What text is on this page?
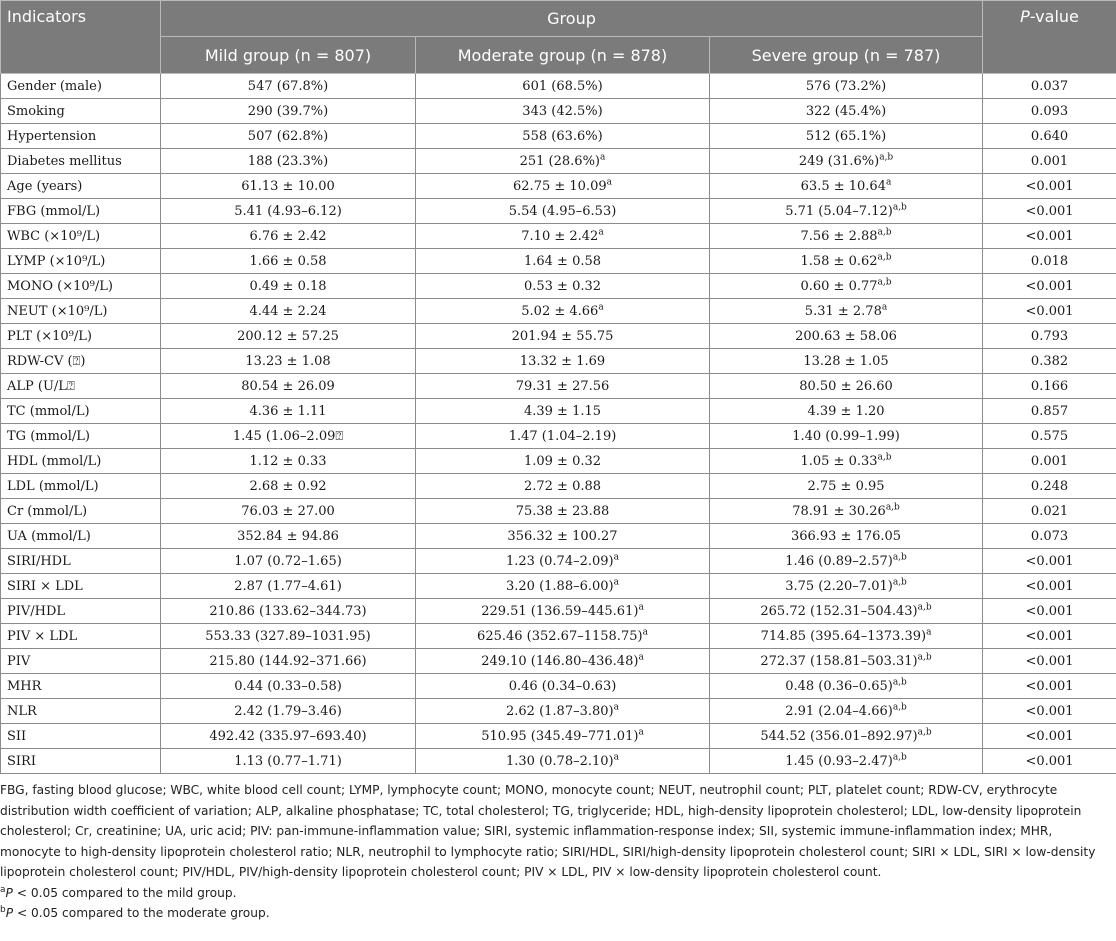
Indicators	Group			P-value
	Mild group (n = 807)	Moderate group (n = 878)	Severe group (n = 787)	
Gender (male)	547 (67.8%)	601 (68.5%)	576 (73.2%)	0.037
Smoking	290 (39.7%)	343 (42.5%)	322 (45.4%)	0.093
Hypertension	507 (62.8%)	558 (63.6%)	512 (65.1%)	0.640
Diabetes mellitus	188 (23.3%)	251 $(28.6\%)^a$	249 $(31.6\%)^{a,b}$	0.001
Age (years)	61.13 ± 10.00	62.75 ± 10.09$^a$	63.5 ± 10.64$^a$	<0.001
FBG (mmol/L)	5.41 (4.93–6.12)	5.54 (4.95–6.53)	5.71 $(5.04-7.12)^{a,b}$	<0.001
WBC (×10⁹/L)	6.76 ± 2.42	7.10 ± 2.42$^a$	$7.56 \pm 2.88^{a,b}$	<0.001
LYMP (×10⁹/L)	1.66 ± 0.58	1.64 ± 0.58	$1.58 \pm 0.62^{a,b}$	0.018
MONO (×10⁹/L)	0.49 ± 0.18	0.53 ± 0.32	$0.60 \pm 0.77^{a,b}$	<0.001
NEUT (×10⁹/L)	4.44 ± 2.24	5.02 ± 4.66$^a$	5.31 ± 2.78$^a$	<0.001
PLT (×10⁹/L)	200.12 ± 57.25	201.94 ± 55.75	200.63 ± 58.06	0.793
RDW-CV (⍰)	13.23 ± 1.08	13.32 ± 1.69	13.28 ± 1.05	0.382
ALP (U/L⍰	80.54 ± 26.09	79.31 ± 27.56	80.50 ± 26.60	0.166
TC (mmol/L)	4.36 ± 1.11	4.39 ± 1.15	4.39 ± 1.20	0.857
TG (mmol/L)	1.45 (1.06–2.09⍰	1.47 (1.04–2.19)	1.40 (0.99–1.99)	0.575
HDL (mmol/L)	1.12 ± 0.33	1.09 ± 0.32	$1.05 \pm 0.33^{a,b}$	0.001
LDL (mmol/L)	2.68 ± 0.92	2.72 ± 0.88	2.75 ± 0.95	0.248
Cr (mmol/L)	76.03 ± 27.00	75.38 ± 23.88	$78.91 \pm 30.26^{a,b}$	0.021
UA (mmol/L)	352.84 ± 94.86	356.32 ± 100.27	366.93 ± 176.05	0.073
SIRI/HDL	1.07 (0.72–1.65)	1.23 $(0.74-2.09)^a$	1.46 $(0.89-2.57)^{a,b}$	<0.001
SIRI × LDL	2.87 (1.77–4.61)	3.20 $(1.88-6.00)^a$	3.75 $(2.20-7.01)^{a,b}$	<0.001
PIV/HDL	210.86 (133.62–344.73)	229.51 $(136.59-445.61)^a$	265.72 $(152.31-504.43)^{a,b}$	<0.001
PIV × LDL	553.33 (327.89–1031.95)	625.46 $(352.67-1158.75)^a$	714.85 $(395.64-1373.39)^a$	<0.001
PIV	215.80 (144.92–371.66)	249.10 $(146.80-436.48)^a$	272.37 $(158.81-503.31)^{a,b}$	<0.001
MHR	0.44 (0.33–0.58)	0.46 (0.34–0.63)	0.48 $(0.36-0.65)^{a,b}$	<0.001
NLR	2.42 (1.79–3.46)	2.62 $(1.87-3.80)^a$	2.91 $(2.04-4.66)^{a,b}$	<0.001
SII	492.42 (335.97–693.40)	510.95 $(345.49-771.01)^a$	544.52 $(356.01-892.97)^{a,b}$	<0.001
SIRI	1.13 (0.77–1.71)	1.30 $(0.78-2.10)^a$	1.45 $(0.93-2.47)^{a,b}$	<0.001

FBG, fasting blood glucose; WBC, white blood cell count; LYMP, lymphocyte count; MONO, monocyte count; NEUT, neutrophil count; PLT, platelet count; RDW-CV, erythrocyte distribution width coefficient of variation; ALP, alkaline phosphatase; TC, total cholesterol; TG, triglyceride; HDL, high-density lipoprotein cholesterol; LDL, low-density lipoprotein cholesterol; Cr, creatinine; UA, uric acid; PIV: pan-immune-inflammation value; SIRI, systemic inflammation-response index; SII, systemic immune-inflammation index; MHR, monocyte to high-density lipoprotein cholesterol ratio; NLR, neutrophil to lymphocyte ratio; SIRI/HDL, SIRI/high-density lipoprotein cholesterol count; SIRI × LDL, SIRI × low-density lipoprotein cholesterol count; PIV/HDL, PIV/high-density lipoprotein cholesterol count; PIV × LDL, PIV × low-density lipoprotein cholesterol count.

$^a$P < 0.05 compared to the mild group.

$^b$P < 0.05 compared to the moderate group.
